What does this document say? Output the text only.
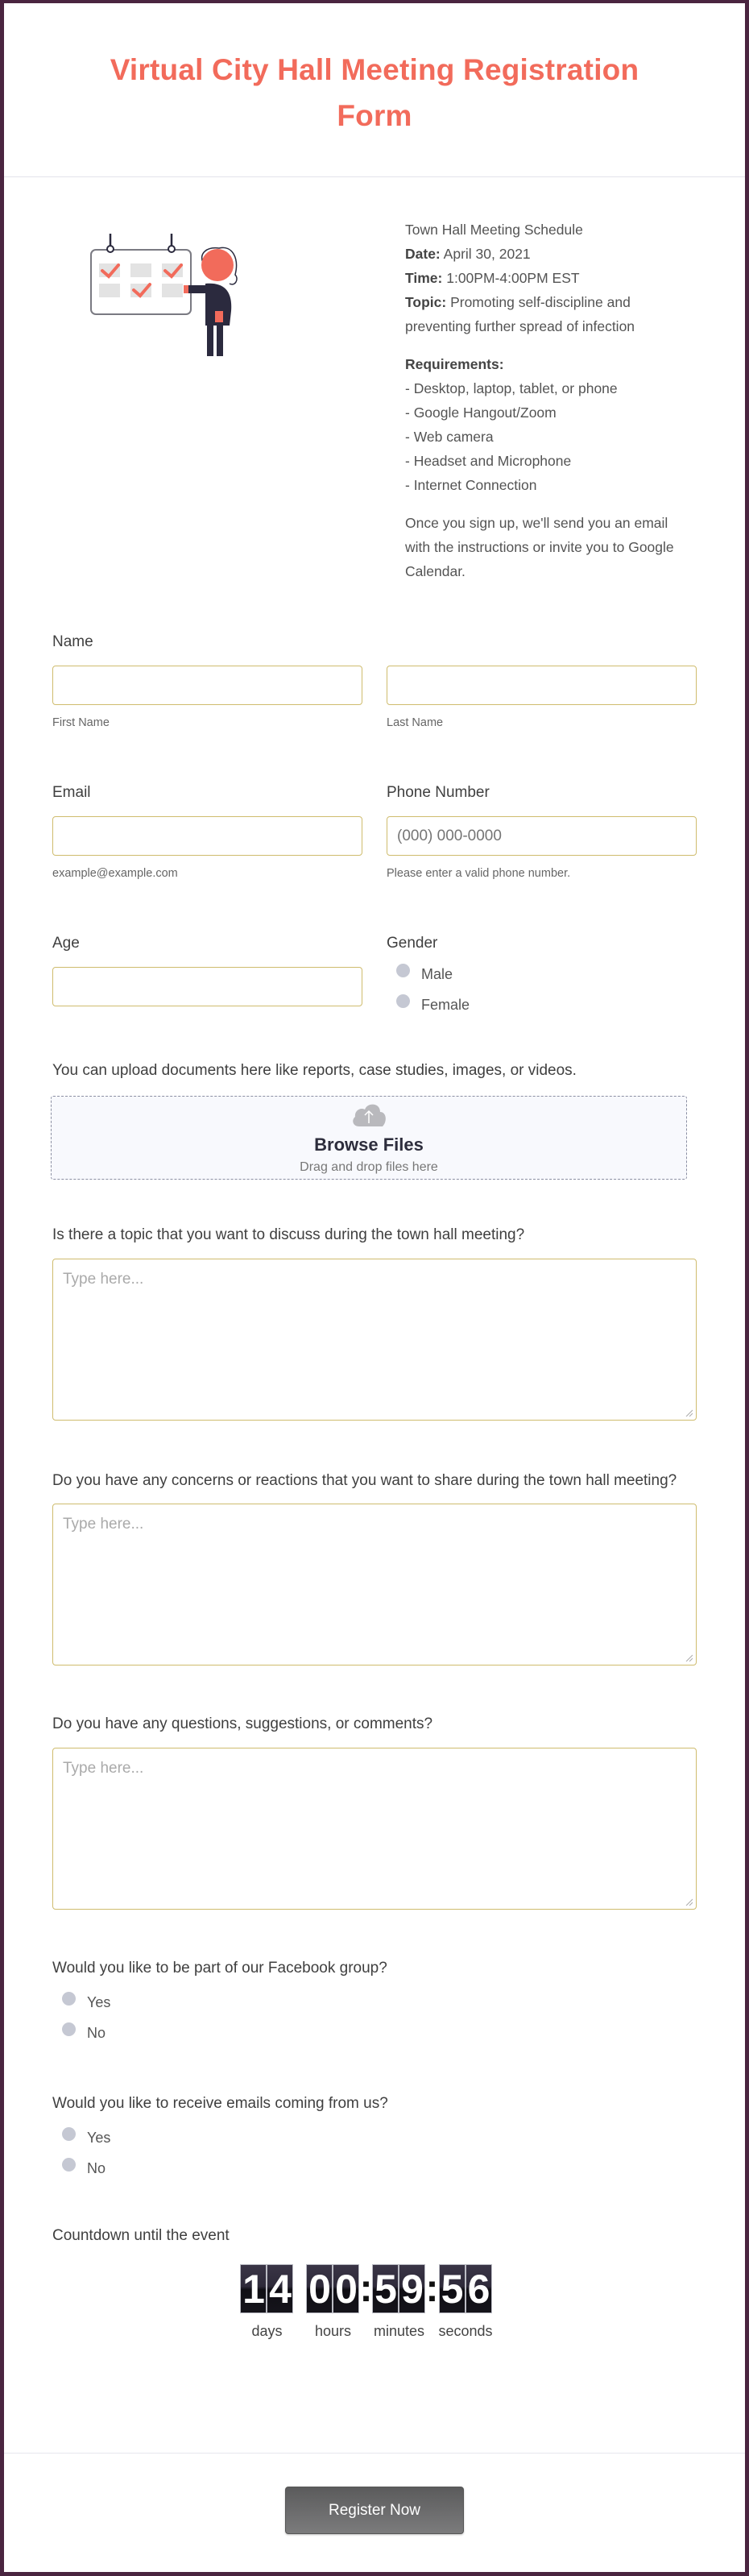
Virtual City Hall Meeting Registration Form

Town Hall Meeting Schedule
Date: April 30, 2021
Time: 1:00PM-4:00PM EST
Topic: Promoting self-discipline and preventing further spread of infection

Requirements:
- Desktop, laptop, tablet, or phone
- Google Hangout/Zoom
- Web camera
- Headset and Microphone
- Internet Connection

Once you sign up, we'll send you an email with the instructions or invite you to Google Calendar.

Name
First Name	Last Name
Email
example@example.com
Phone Number
(000) 000-0000
Please enter a valid phone number.
Age	Gender
Male
Female
You can upload documents here like reports, case studies, images, or videos.
Browse Files
Drag and drop files here
Is there a topic that you want to discuss during the town hall meeting?
Type here...
Do you have any concerns or reactions that you want to share during the town hall meeting?
Type here...
Do you have any questions, suggestions, or comments?
Type here...
Would you like to be part of our Facebook group?
Yes
No
Would you like to receive emails coming from us?
Yes
No
Countdown until the event
1 4
days
0 0
hours
: 5 9
minutes
: 5 6
seconds
Register Now
